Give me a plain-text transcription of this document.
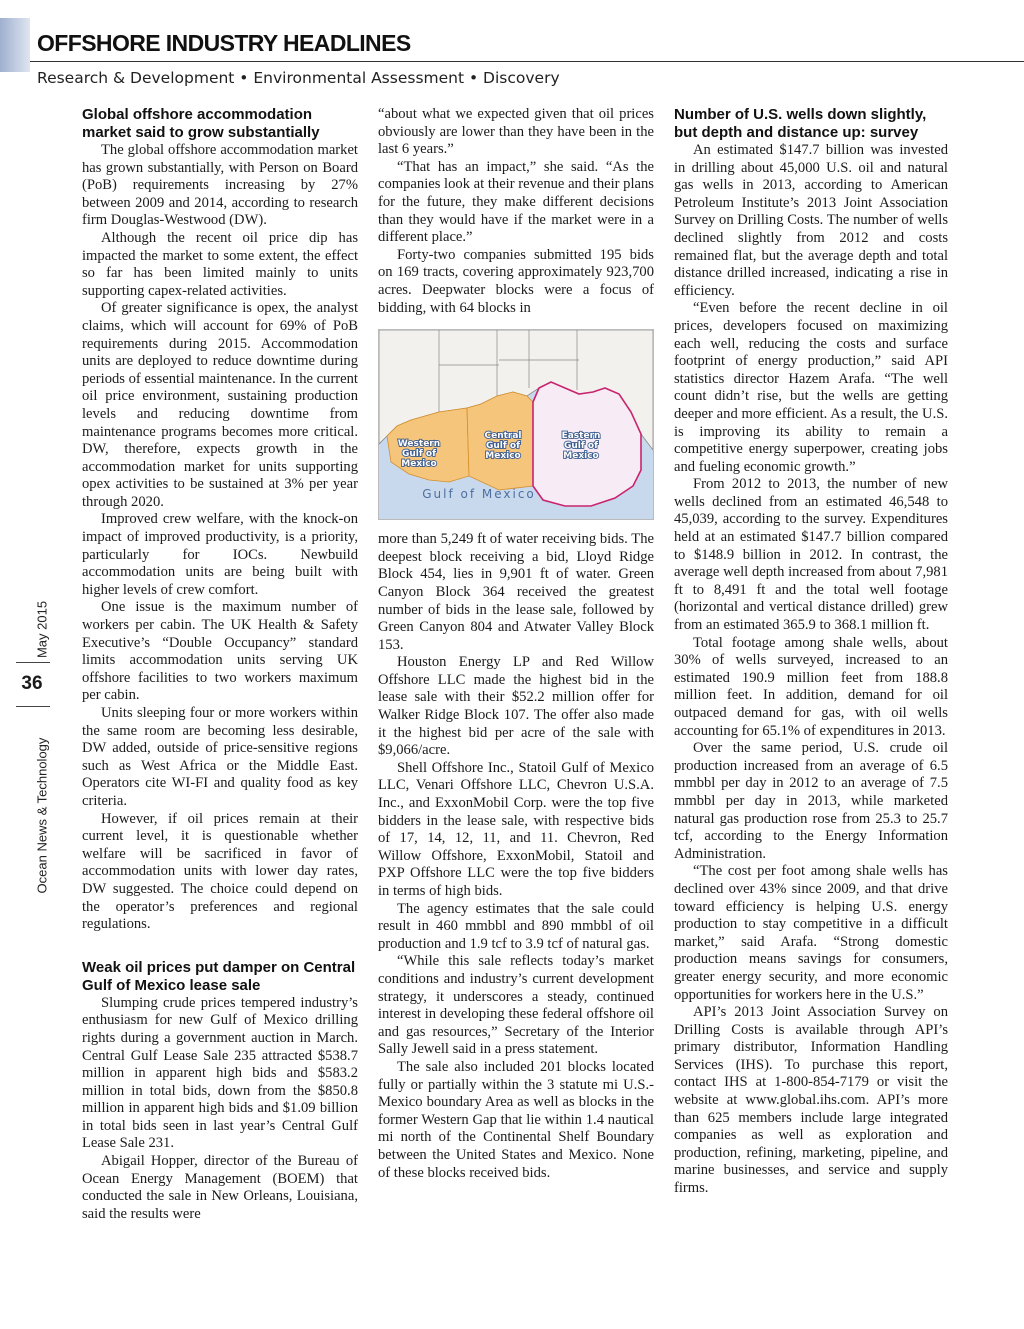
OFFSHORE INDUSTRY HEADLINES
Research & Development • Environmental Assessment • Discovery
May 2015
36
Ocean News & Technology
Global offshore accommodation market said to grow substantially

The global offshore accommodation market has grown substantially, with Person on Board (PoB) requirements increasing by 27% between 2009 and 2014, according to research firm Douglas-Westwood (DW).

Although the recent oil price dip has impacted the market to some extent, the effect so far has been limited mainly to units supporting capex-related activities.

Of greater significance is opex, the analyst claims, which will account for 69% of PoB requirements during 2015. Accommodation units are deployed to reduce downtime during periods of essential maintenance. In the current oil price environment, sustaining production levels and reducing downtime from maintenance programs becomes more critical. DW, therefore, expects growth in the accommodation market for units supporting opex activities to be sustained at 3% per year through 2020.

Improved crew welfare, with the knock-on impact of improved productivity, is a priority, particularly for IOCs. Newbuild accommodation units are being built with higher levels of crew comfort.

One issue is the maximum number of workers per cabin. The UK Health & Safety Executive’s “Double Occupancy” standard limits accommodation units serving UK offshore facilities to two workers maximum per cabin.

Units sleeping four or more workers within the same room are becoming less desirable, DW added, outside of price-sensitive regions such as West Africa or the Middle East. Operators cite WI-FI and quality food as key criteria.

However, if oil prices remain at their current level, it is questionable whether welfare will be sacrificed in favor of accommodation units with lower day rates, DW suggested. The choice could depend on the operator’s preferences and regional regulations.

Weak oil prices put damper on Central Gulf of Mexico lease sale

Slumping crude prices tempered industry’s enthusiasm for new Gulf of Mexico drilling rights during a government auction in March. Central Gulf Lease Sale 235 attracted $538.7 million in apparent high bids and $583.2 million in total bids, down from the $850.8 million in apparent high bids and $1.09 billion in total bids seen in last year’s Central Gulf Lease Sale 231.

Abigail Hopper, director of the Bureau of Ocean Energy Management (BOEM) that conducted the sale in New Orleans, Louisiana, said the results were

“about what we expected given that oil prices obviously are lower than they have been in the last 6 years.”

“That has an impact,” she said. “As the companies look at their revenue and their plans for the future, they make different decisions than they would have if the market were in a different place.”

Forty-two companies submitted 195 bids on 169 tracts, covering approximately 923,700 acres. Deepwater blocks were a focus of bidding, with 64 blocks in

Western
Gulf of
Mexico
Central
Gulf of
Mexico
Eastern
Gulf of
Mexico
Gulf of Mexico

more than 5,249 ft of water receiving bids. The deepest block receiving a bid, Lloyd Ridge Block 454, lies in 9,901 ft of water. Green Canyon Block 364 received the greatest number of bids in the lease sale, followed by Green Canyon 804 and Atwater Valley Block 153.

Houston Energy LP and Red Willow Offshore LLC made the highest bid in the lease sale with their $52.2 million offer for Walker Ridge Block 107. The offer also made it the highest bid per acre of the sale with $9,066/acre.

Shell Offshore Inc., Statoil Gulf of Mexico LLC, Venari Offshore LLC, Chevron U.S.A. Inc., and ExxonMobil Corp. were the top five bidders in the lease sale, with respective bids of 17, 14, 12, 11, and 11. Chevron, Red Willow Offshore, ExxonMobil, Statoil and PXP Offshore LLC were the top five bidders in terms of high bids.

The agency estimates that the sale could result in 460 mmbbl and 890 mmbbl of oil production and 1.9 tcf to 3.9 tcf of natural gas.

“While this sale reflects today’s market conditions and industry’s current development strategy, it underscores a steady, continued interest in developing these federal offshore oil and gas resources,” Secretary of the Interior Sally Jewell said in a press statement.

The sale also included 201 blocks located fully or partially within the 3 statute mi U.S.-Mexico boundary Area as well as blocks in the former Western Gap that lie within 1.4 nautical mi north of the Continental Shelf Boundary between the United States and Mexico. None of these blocks received bids.

Number of U.S. wells down slightly, but depth and distance up: survey

An estimated $147.7 billion was invested in drilling about 45,000 U.S. oil and natural gas wells in 2013, according to American Petroleum Institute’s 2013 Joint Association Survey on Drilling Costs. The number of wells declined slightly from 2012 and costs remained flat, but the average depth and total distance drilled increased, indicating a rise in efficiency.

“Even before the recent decline in oil prices, developers focused on maximizing each well, reducing the costs and surface footprint of energy production,” said API statistics director Hazem Arafa. “The well count didn’t rise, but the wells are getting deeper and more efficient. As a result, the U.S. is improving its ability to remain a competitive energy superpower, creating jobs and fueling economic growth.”

From 2012 to 2013, the number of new wells declined from an estimated 46,548 to 45,039, according to the survey. Expenditures held at an estimated $147.7 billion compared to $148.9 billion in 2012. In contrast, the average well depth increased from about 7,981 ft to 8,491 ft and the total well footage (horizontal and vertical distance drilled) grew from an estimated 365.9 to 368.1 million ft.

Total footage among shale wells, about 30% of wells surveyed, increased to an estimated 190.9 million feet from 188.8 million feet. In addition, demand for oil outpaced demand for gas, with oil wells accounting for 65.1% of expenditures in 2013.

Over the same period, U.S. crude oil production increased from an average of 6.5 mmbbl per day in 2012 to an average of 7.5 mmbbl per day in 2013, while marketed natural gas production rose from 25.3 to 25.7 tcf, according to the Energy Information Administration.

“The cost per foot among shale wells has declined over 43% since 2009, and that drive toward efficiency is helping U.S. energy production to stay competitive in a difficult market,” said Arafa. “Strong domestic production means savings for consumers, greater energy security, and more economic opportunities for workers here in the U.S.”

API’s 2013 Joint Association Survey on Drilling Costs is available through API’s primary distributor, Information Handling Services (IHS). To purchase this report, contact IHS at 1-800-854-7179 or visit the website at www.global.ihs.com. API’s more than 625 members include large integrated companies as well as exploration and production, refining, marketing, pipeline, and marine businesses, and service and supply firms.
